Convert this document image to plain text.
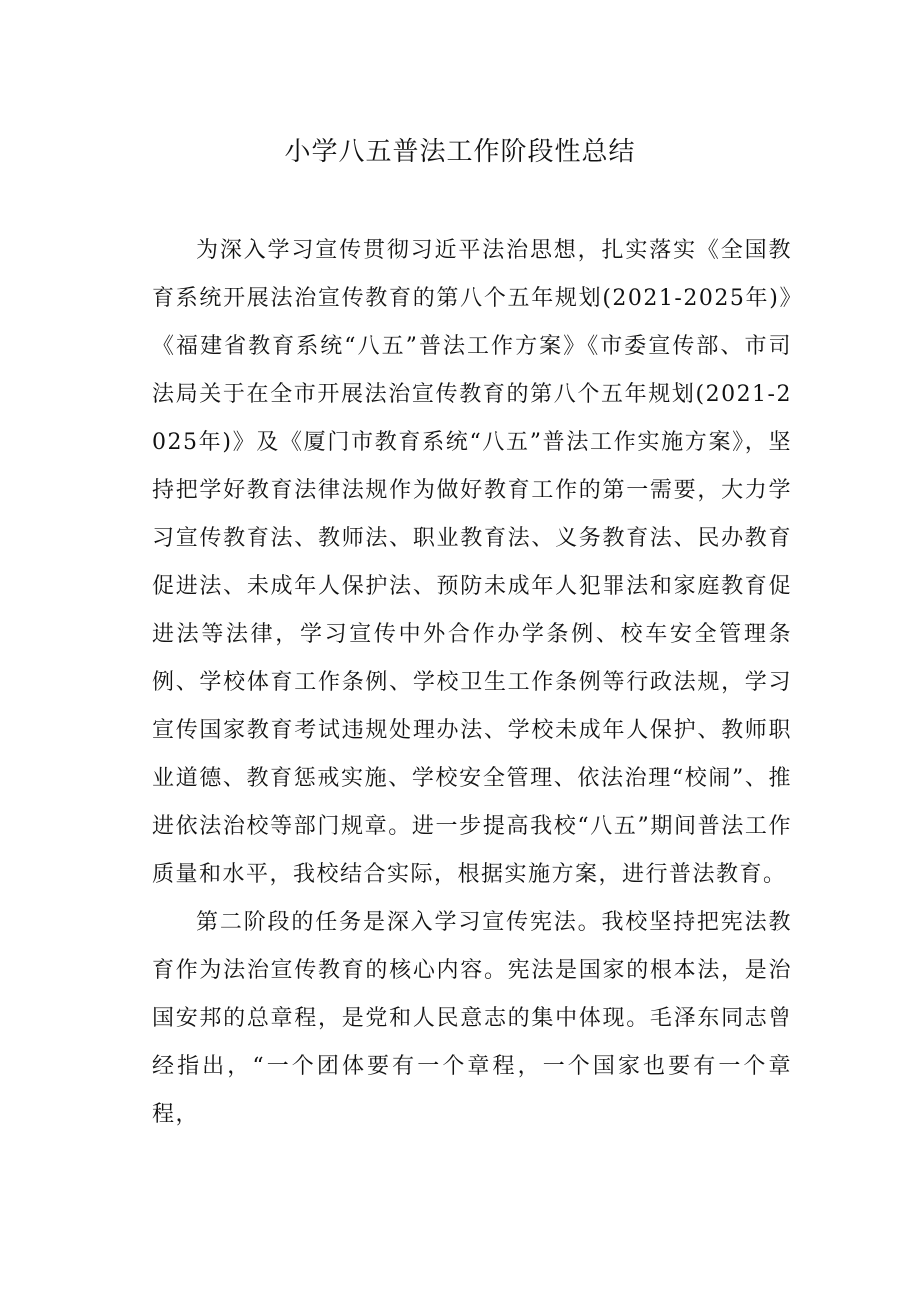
小学八五普法工作阶段性总结

为深入学习宣传贯彻习近平法治思想，扎实落实《全国教育系统开展法治宣传教育的第八个五年规划(2021-2025年)》《福建省教育系统“八五”普法工作方案》《市委宣传部、市司法局关于在全市开展法治宣传教育的第八个五年规划(2021-2025年)》及《厦门市教育系统“八五”普法工作实施方案》，坚持把学好教育法律法规作为做好教育工作的第一需要，大力学习宣传教育法、教师法、职业教育法、义务教育法、民办教育促进法、未成年人保护法、预防未成年人犯罪法和家庭教育促进法等法律，学习宣传中外合作办学条例、校车安全管理条例、学校体育工作条例、学校卫生工作条例等行政法规，学习宣传国家教育考试违规处理办法、学校未成年人保护、教师职业道德、教育惩戒实施、学校安全管理、依法治理“校闹”、推进依法治校等部门规章。进一步提高我校“八五”期间普法工作质量和水平，我校结合实际，根据实施方案，进行普法教育。

第二阶段的任务是深入学习宣传宪法。我校坚持把宪法教育作为法治宣传教育的核心内容。宪法是国家的根本法，是治国安邦的总章程，是党和人民意志的集中体现。毛泽东同志曾经指出，“一个团体要有一个章程，一个国家也要有一个章程，
